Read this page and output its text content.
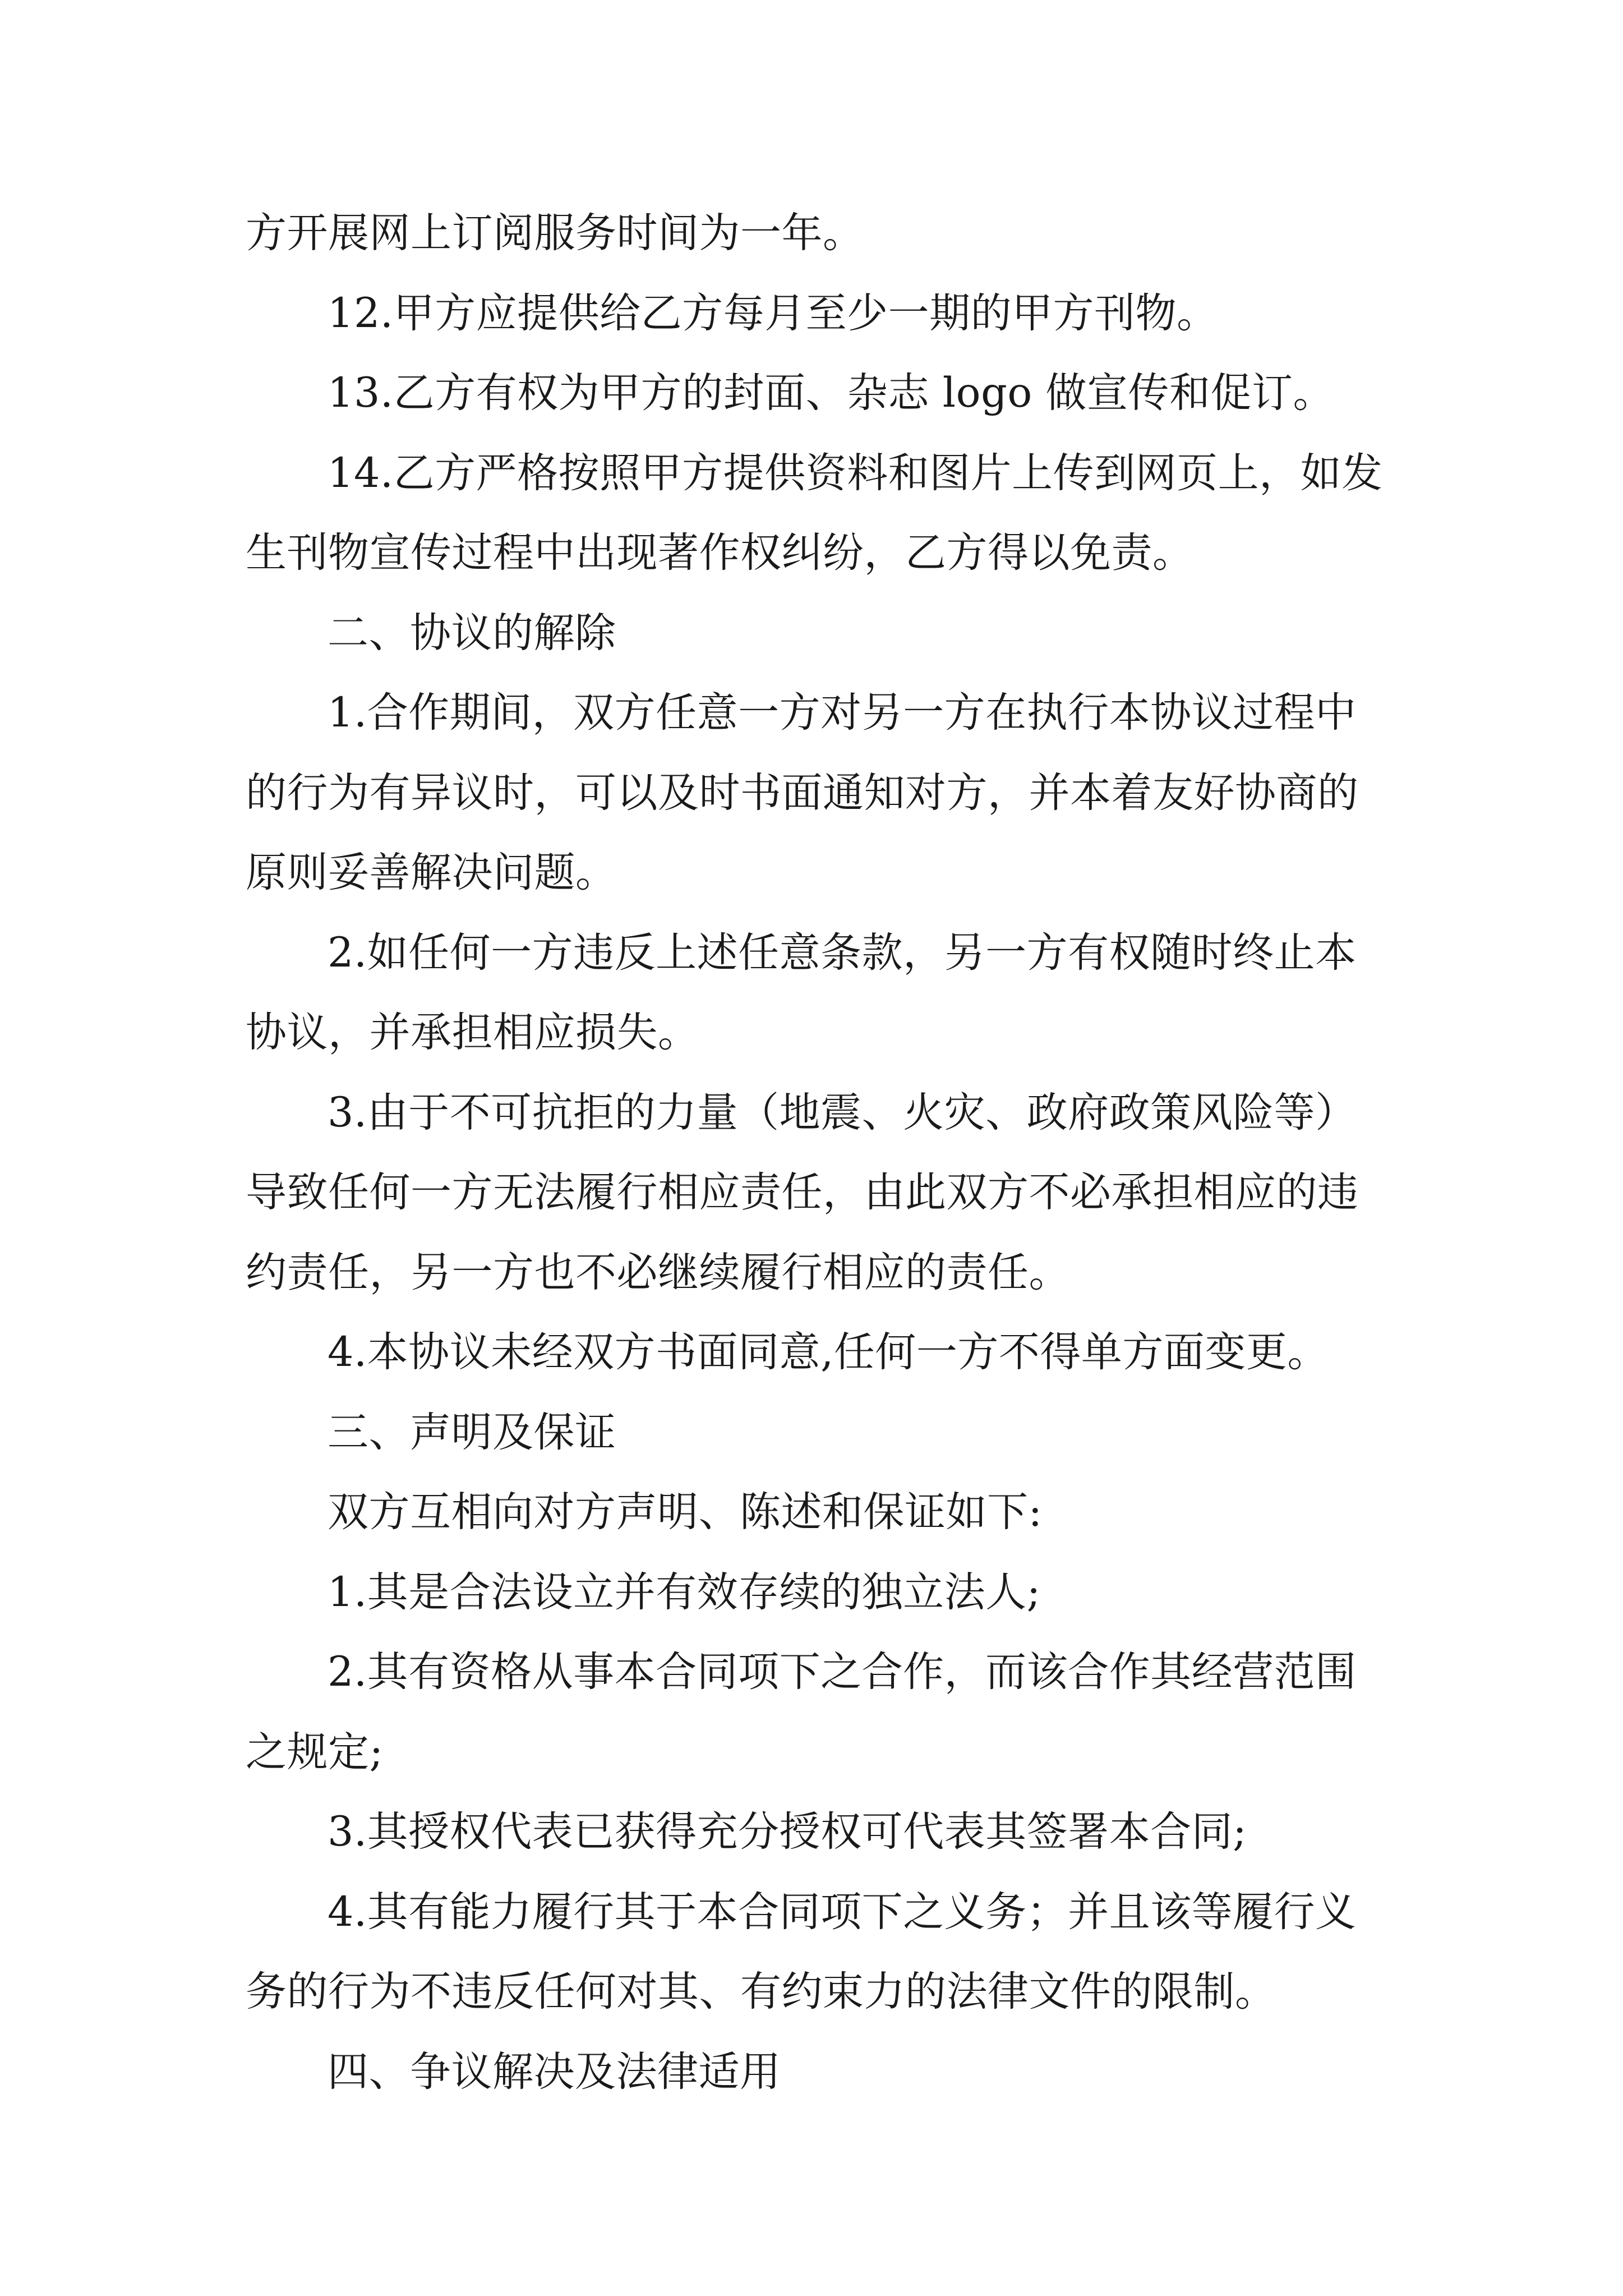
方开展网上订阅服务时间为一年。

12.甲方应提供给乙方每月至少一期的甲方刊物。

13.乙方有权为甲方的封面、杂志 logo 做宣传和促订。

14.乙方严格按照甲方提供资料和图片上传到网页上，如发生刊物宣传过程中出现著作权纠纷，乙方得以免责。

二、协议的解除

1.合作期间，双方任意一方对另一方在执行本协议过程中的行为有异议时，可以及时书面通知对方，并本着友好协商的原则妥善解决问题。

2.如任何一方违反上述任意条款，另一方有权随时终止本协议，并承担相应损失。

3.由于不可抗拒的力量（地震、火灾、政府政策风险等）导致任何一方无法履行相应责任，由此双方不必承担相应的违约责任，另一方也不必继续履行相应的责任。

4.本协议未经双方书面同意,任何一方不得单方面变更。

三、声明及保证

双方互相向对方声明、陈述和保证如下:

1.其是合法设立并有效存续的独立法人;

2.其有资格从事本合同项下之合作，而该合作其经营范围之规定;

3.其授权代表已获得充分授权可代表其签署本合同;

4.其有能力履行其于本合同项下之义务；并且该等履行义务的行为不违反任何对其、有约束力的法律文件的限制。

四、争议解决及法律适用
